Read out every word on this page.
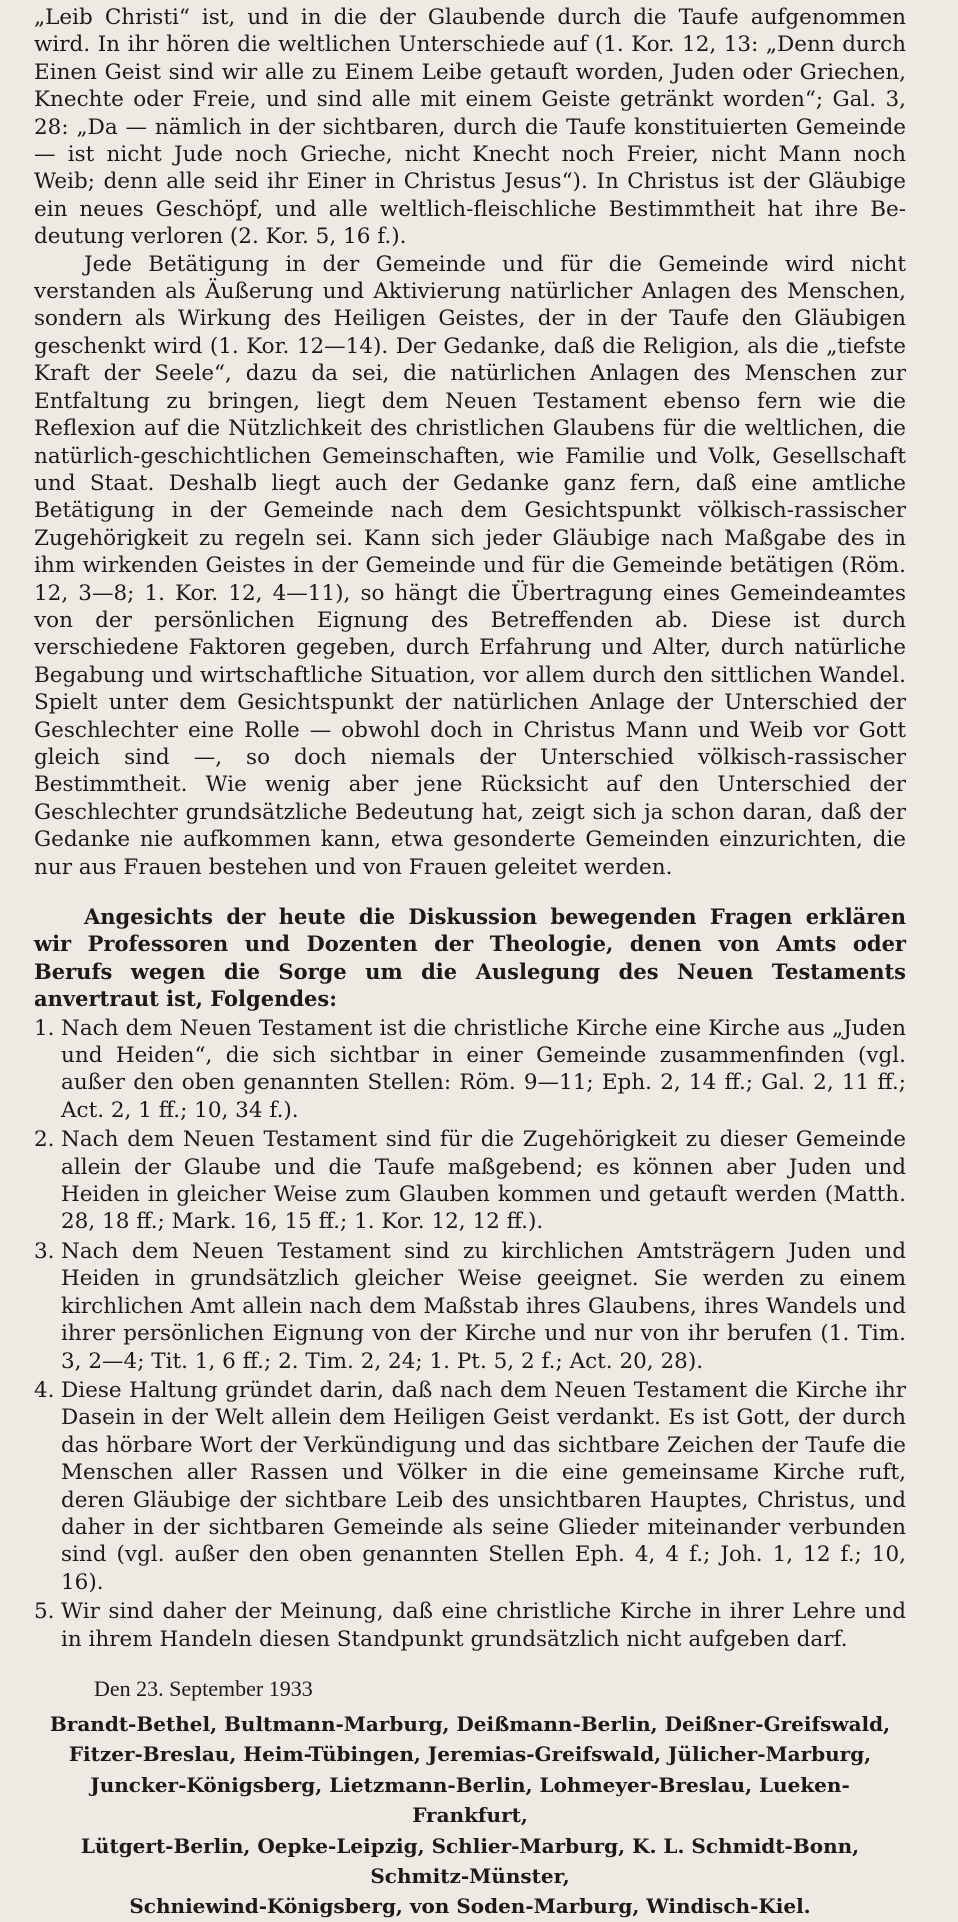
„Leib Christi“ ist, und in die der Glaubende durch die Taufe aufgenommen wird. In ihr hören die weltlichen Unterschiede auf (1. Kor. 12, 13: „Denn durch Einen Geist sind wir alle zu Einem Leibe getauft worden, Juden oder Griechen, Knechte oder Freie, und sind alle mit einem Geiste getränkt worden“; Gal. 3, 28: „Da — nämlich in der sichtbaren, durch die Taufe konstituierten Gemeinde — ist nicht Jude noch Grieche, nicht Knecht noch Freier, nicht Mann noch Weib; denn alle seid ihr Einer in Christus Jesus“). In Christus ist der Gläubige ein neues Geschöpf, und alle weltlich-fleischliche Bestimmtheit hat ihre Bedeutung verloren (2. Kor. 5, 16 f.).

Jede Betätigung in der Gemeinde und für die Gemeinde wird nicht verstanden als Äußerung und Aktivierung natürlicher Anlagen des Menschen, sondern als Wirkung des Heiligen Geistes, der in der Taufe den Gläubigen geschenkt wird (1. Kor. 12—14). Der Gedanke, daß die Religion, als die „tiefste Kraft der Seele“, dazu da sei, die natürlichen Anlagen des Menschen zur Entfaltung zu bringen, liegt dem Neuen Testament ebenso fern wie die Reflexion auf die Nützlichkeit des christlichen Glaubens für die weltlichen, die natürlich-geschichtlichen Gemeinschaften, wie Familie und Volk, Gesellschaft und Staat. Deshalb liegt auch der Gedanke ganz fern, daß eine amtliche Betätigung in der Gemeinde nach dem Gesichtspunkt völkisch-rassischer Zugehörigkeit zu regeln sei. Kann sich jeder Gläubige nach Maßgabe des in ihm wirkenden Geistes in der Gemeinde und für die Gemeinde betätigen (Röm. 12, 3—8; 1. Kor. 12, 4—11), so hängt die Übertragung eines Gemeindeamtes von der persönlichen Eignung des Betreffenden ab. Diese ist durch verschiedene Faktoren gegeben, durch Erfahrung und Alter, durch natürliche Begabung und wirtschaftliche Situation, vor allem durch den sittlichen Wandel. Spielt unter dem Gesichtspunkt der natürlichen Anlage der Unterschied der Geschlechter eine Rolle — obwohl doch in Christus Mann und Weib vor Gott gleich sind —, so doch niemals der Unterschied völkisch-rassischer Bestimmtheit. Wie wenig aber jene Rücksicht auf den Unterschied der Geschlechter grundsätzliche Bedeutung hat, zeigt sich ja schon daran, daß der Gedanke nie aufkommen kann, etwa gesonderte Gemeinden einzurichten, die nur aus Frauen bestehen und von Frauen geleitet werden.

Angesichts der heute die Diskussion bewegenden Fragen erklären wir Professoren und Dozenten der Theologie, denen von Amts oder Berufs wegen die Sorge um die Auslegung des Neuen Testaments anvertraut ist, Folgendes:

1. Nach dem Neuen Testament ist die christliche Kirche eine Kirche aus „Juden und Heiden“, die sich sichtbar in einer Gemeinde zusammenfinden (vgl. außer den oben genannten Stellen: Röm. 9—11; Eph. 2, 14 ff.; Gal. 2, 11 ff.; Act. 2, 1 ff.; 10, 34 f.).
2. Nach dem Neuen Testament sind für die Zugehörigkeit zu dieser Gemeinde allein der Glaube und die Taufe maßgebend; es können aber Juden und Heiden in gleicher Weise zum Glauben kommen und getauft werden (Matth. 28, 18 ff.; Mark. 16, 15 ff.; 1. Kor. 12, 12 ff.).
3. Nach dem Neuen Testament sind zu kirchlichen Amtsträgern Juden und Heiden in grundsätzlich gleicher Weise geeignet. Sie werden zu einem kirchlichen Amt allein nach dem Maßstab ihres Glaubens, ihres Wandels und ihrer persönlichen Eignung von der Kirche und nur von ihr berufen (1. Tim. 3, 2—4; Tit. 1, 6 ff.; 2. Tim. 2, 24; 1. Pt. 5, 2 f.; Act. 20, 28).
4. Diese Haltung gründet darin, daß nach dem Neuen Testament die Kirche ihr Dasein in der Welt allein dem Heiligen Geist verdankt. Es ist Gott, der durch das hörbare Wort der Verkündigung und das sichtbare Zeichen der Taufe die Menschen aller Rassen und Völker in die eine gemeinsame Kirche ruft, deren Gläubige der sichtbare Leib des unsichtbaren Hauptes, Christus, und daher in der sichtbaren Gemeinde als seine Glieder miteinander verbunden sind (vgl. außer den oben genannten Stellen Eph. 4, 4 f.; Joh. 1, 12 f.; 10, 16).
5. Wir sind daher der Meinung, daß eine christliche Kirche in ihrer Lehre und in ihrem Handeln diesen Standpunkt grundsätzlich nicht aufgeben darf.
Den 23. September 1933
Brandt-Bethel, Bultmann-Marburg, Deißmann-Berlin, Deißner-Greifswald,
Fitzer-Breslau, Heim-Tübingen, Jeremias-Greifswald, Jülicher-Marburg,
Juncker-Königsberg, Lietzmann-Berlin, Lohmeyer-Breslau, Lueken-Frankfurt,
Lütgert-Berlin, Oepke-Leipzig, Schlier-Marburg, K. L. Schmidt-Bonn, Schmitz-Münster,
Schniewind-Königsberg, von Soden-Marburg, Windisch-Kiel.
